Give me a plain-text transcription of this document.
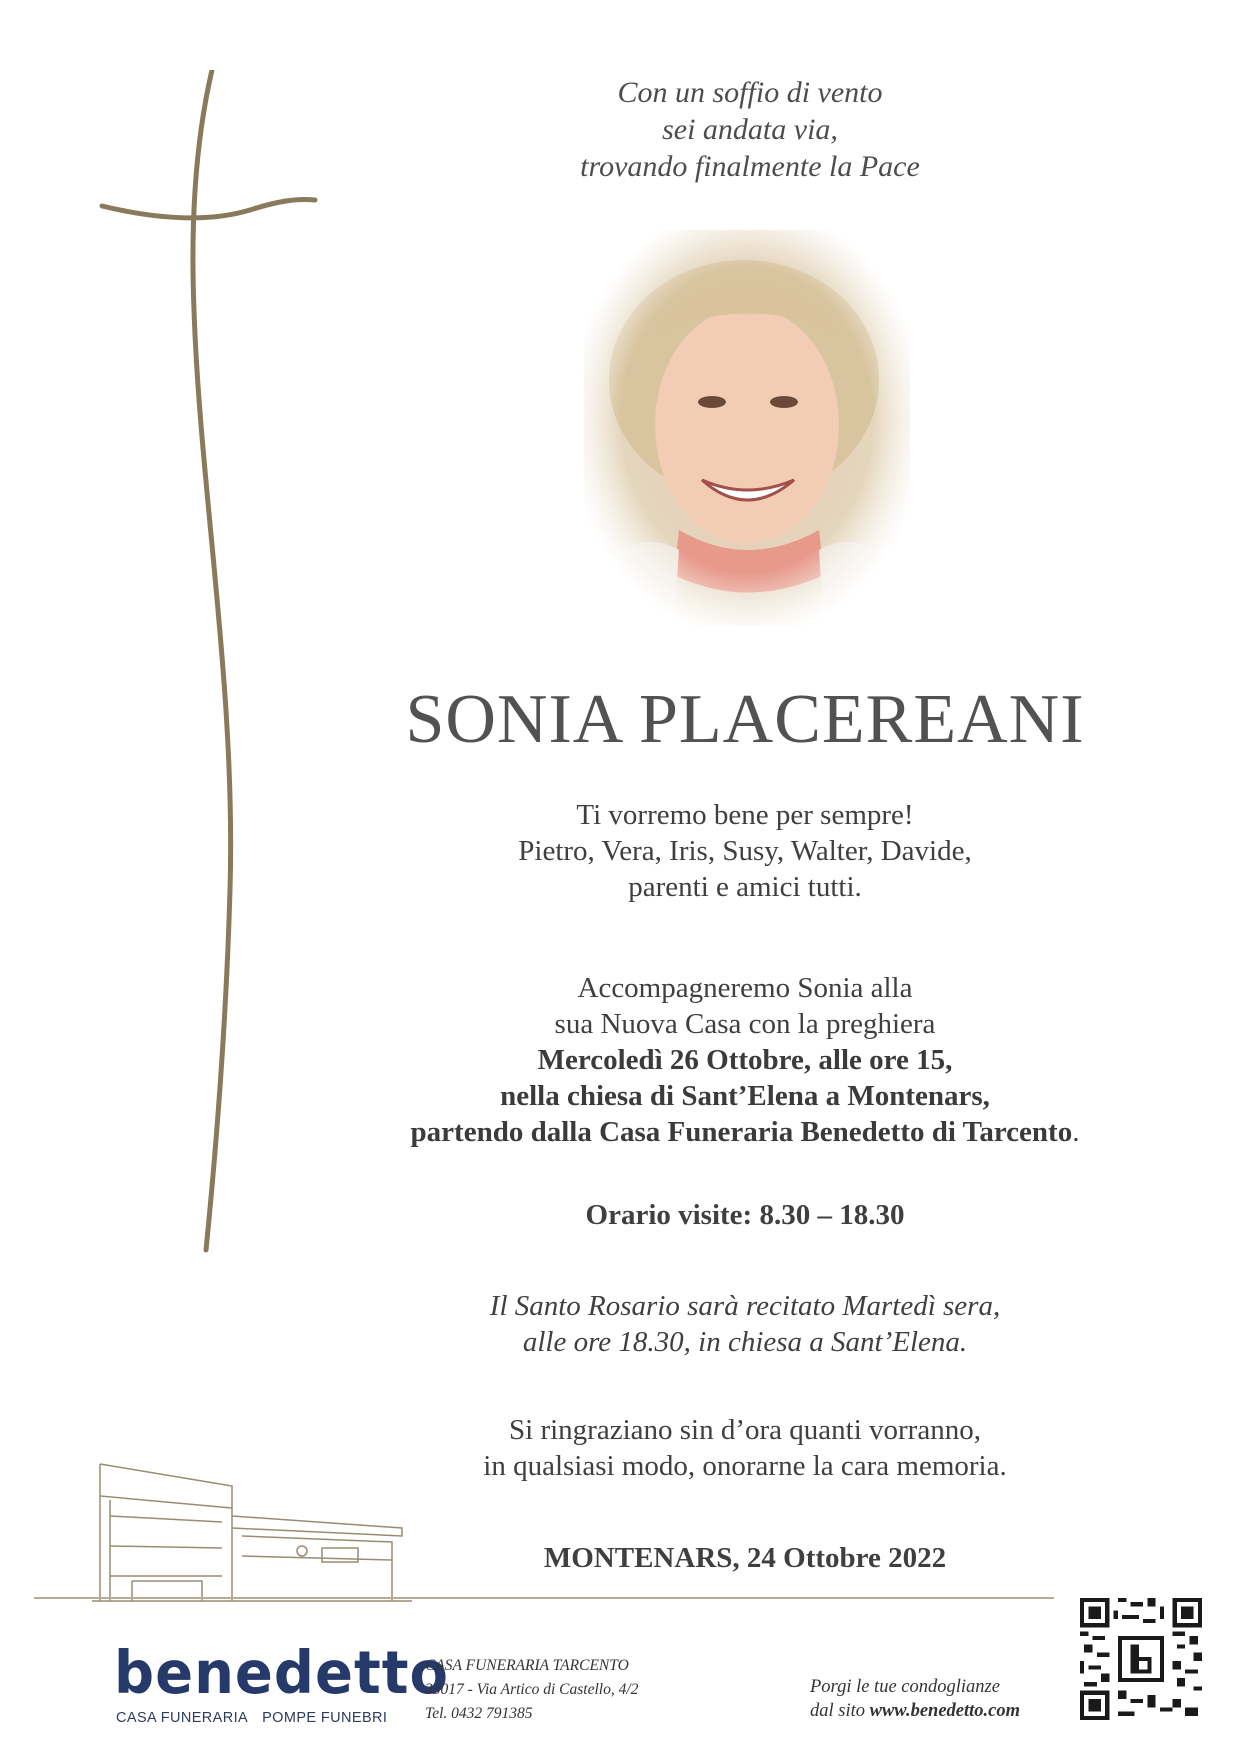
Con un soffio di vento
sei andata via,
trovando finalmente la Pace
SONIA PLACEREANI
Ti vorremo bene per sempre!
Pietro, Vera, Iris, Susy, Walter, Davide,
parenti e amici tutti.
Accompagneremo Sonia alla
sua Nuova Casa con la preghiera
Mercoledì 26 Ottobre, alle ore 15,
nella chiesa di Sant’Elena a Montenars,
partendo dalla Casa Funeraria Benedetto di Tarcento.
Orario visite: 8.30 – 18.30
Il Santo Rosario sarà recitato Martedì sera,
alle ore 18.30, in chiesa a Sant’Elena.
Si ringraziano sin d’ora quanti vorranno,
in qualsiasi modo, onorarne la cara memoria.
MONTENARS, 24 Ottobre 2022
benedetto
CASA FUNERARIA POMPE FUNEBRI
CASA FUNERARIA TARCENTO
33017 - Via Artico di Castello, 4/2
Tel. 0432 791385
Porgi le tue condoglianze
dal sito www.benedetto.com
